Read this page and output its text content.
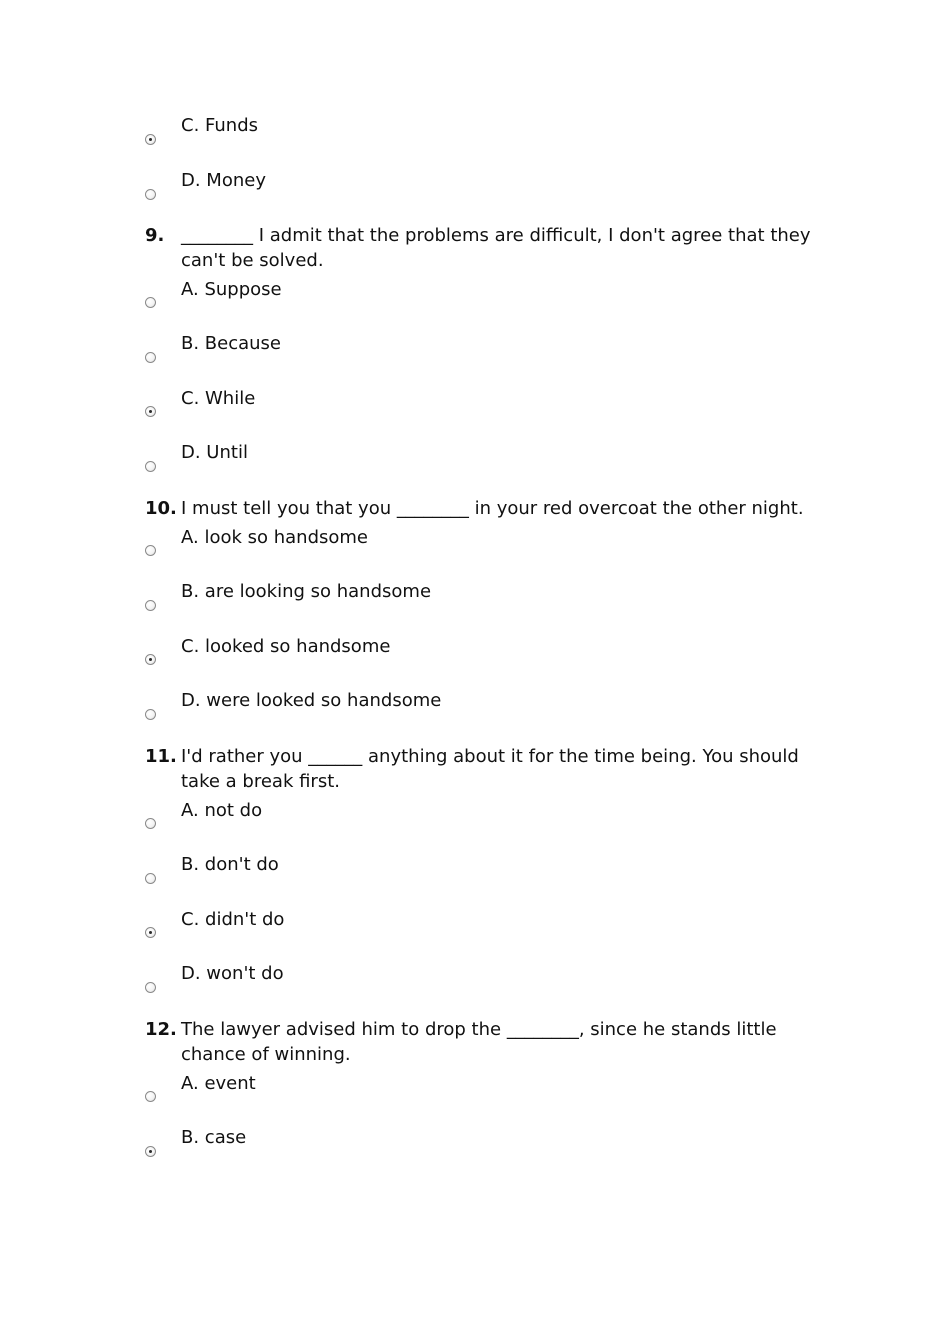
C. Funds
D. Money
9. ________ I admit that the problems are difficult, I don't agree that they can't be solved.
A. Suppose
B. Because
C. While
D. Until
10. I must tell you that you ________ in your red overcoat the other night.
A. look so handsome
B. are looking so handsome
C. looked so handsome
D. were looked so handsome
11. I'd rather you ______ anything about it for the time being. You should take a break first.
A. not do
B. don't do
C. didn't do
D. won't do
12. The lawyer advised him to drop the ________, since he stands little chance of winning.
A. event
B. case
